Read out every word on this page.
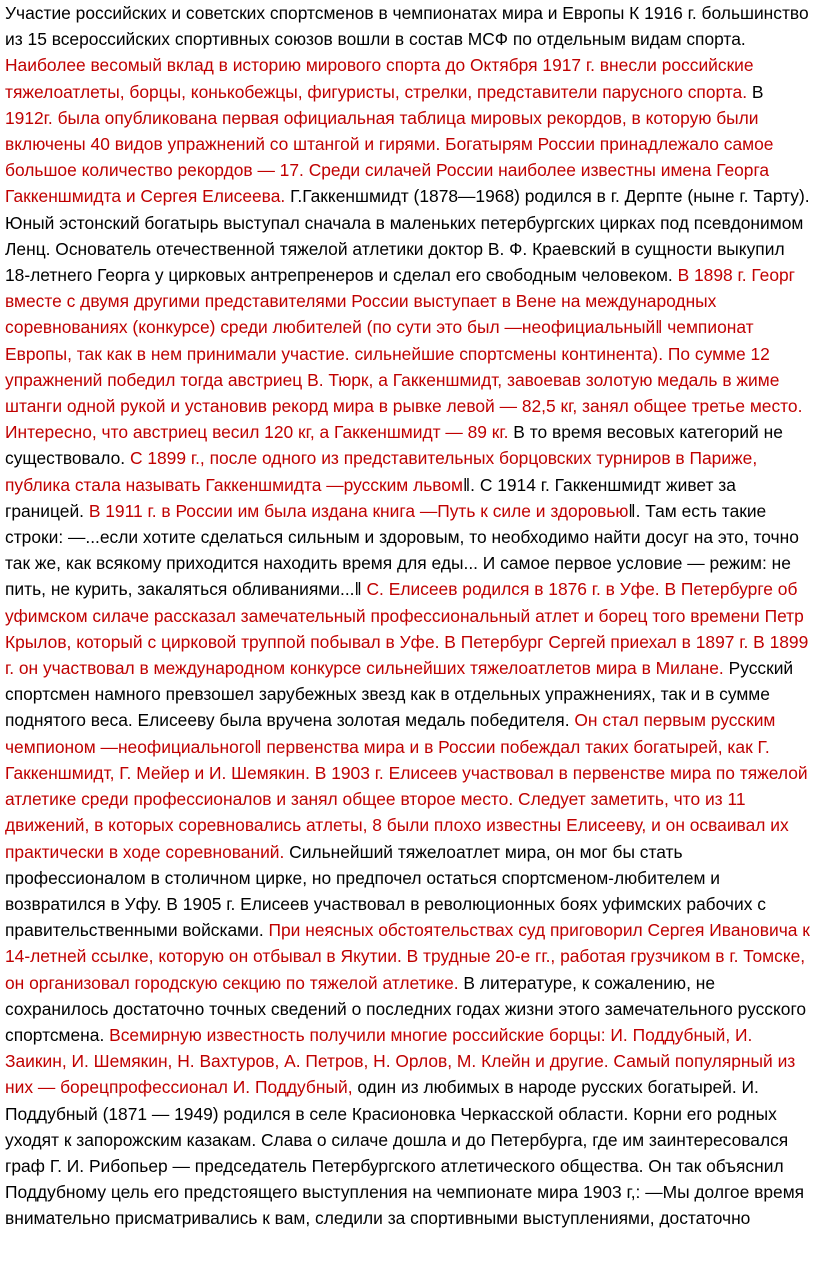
Участие российских и советских спортсменов в чемпионатах мира и Европы К 1916 г. большинство из 15 всероссийских спортивных союзов вошли в состав МСФ по отдельным видам спорта. Наиболее весомый вклад в историю мирового спорта до Октября 1917 г. внесли российские тяжелоатлеты, борцы, конькобежцы, фигуристы, стрелки, представители парусного спорта. В 1912г. была опубликована первая официальная таблица мировых рекордов, в которую были включены 40 видов упражнений со штангой и гирями. Богатырям России принадлежало самое большое количество рекордов — 17. Среди силачей России наиболее известны имена Георга Гаккеншмидта и Сергея Елисеева. Г.Гаккеншмидт (1878—1968) родился в г. Дерпте (ныне г. Тарту). Юный эстонский богатырь выступал сначала в маленьких петербургских цирках под псевдонимом Ленц. Основатель отечественной тяжелой атлетики доктор В. Ф. Краевский в сущности выкупил 18-летнего Георга у цирковых антрепренеров и сделал его свободным человеком. В 1898 г. Георг вместе с двумя другими представителями России выступает в Вене на международных соревнованиях (конкурсе) среди любителей (по сути это был —неофициальный‖ чемпионат Европы, так как в нем принимали участие. сильнейшие спортсмены континента). По сумме 12 упражнений победил тогда австриец В. Тюрк, а Гаккеншмидт, завоевав золотую медаль в жиме штанги одной рукой и установив рекорд мира в рывке левой — 82,5 кг, занял общее третье место. Интересно, что австриец весил 120 кг, а Гаккеншмидт — 89 кг. В то время весовых категорий не существовало. С 1899 г., после одного из представительных борцовских турниров в Париже, публика стала называть Гаккеншмидта —русским львом‖. С 1914 г. Гаккеншмидт живет за границей. В 1911 г. в России им была издана книга —Путь к силе и здоровью‖. Там есть такие строки: —...если хотите сделаться сильным и здоровым, то необходимо найти досуг на это, точно так же, как всякому приходится находить время для еды... И самое первое условие — режим: не пить, не курить, закаляться обливаниями...‖ С. Елисеев родился в 1876 г. в Уфе. В Петербурге об уфимском силаче рассказал замечательный профессиональный атлет и борец того времени Петр Крылов, который с цирковой труппой побывал в Уфе. В Петербург Сергей приехал в 1897 г. В 1899 г. он участвовал в международном конкурсе сильнейших тяжелоатлетов мира в Милане. Русский спортсмен намного превзошел зарубежных звезд как в отдельных упражнениях, так и в сумме поднятого веса. Елисееву была вручена золотая медаль победителя. Он стал первым русским чемпионом —неофициального‖ первенства мира и в России побеждал таких богатырей, как Г. Гаккеншмидт, Г. Мейер и И. Шемякин. В 1903 г. Елисеев участвовал в первенстве мира по тяжелой атлетике среди профессионалов и занял общее второе место. Следует заметить, что из 11 движений, в которых соревновались атлеты, 8 были плохо известны Елисееву, и он осваивал их практически в ходе соревнований. Сильнейший тяжелоатлет мира, он мог бы стать профессионалом в столичном цирке, но предпочел остаться спортсменом-любителем и возвратился в Уфу. В 1905 г. Елисеев участвовал в революционных боях уфимских рабочих с правительственными войсками. При неясных обстоятельствах суд приговорил Сергея Ивановича к 14-летней ссылке, которую он отбывал в Якутии. В трудные 20-е гг., работая грузчиком в г. Томске, он организовал городскую секцию по тяжелой атлетике. В литературе, к сожалению, не сохранилось достаточно точных сведений о последних годах жизни этого замечательного русского спортсмена. Всемирную известность получили многие российские борцы: И. Поддубный, И. Заикин, И. Шемякин, Н. Вахтуров, А. Петров, Н. Орлов, М. Клейн и другие. Самый популярный из них — борецпрофессионал И. Поддубный, один из любимых в народе русских богатырей. И. Поддубный (1871 — 1949) родился в селе Красионовка Черкасской области. Корни его родных уходят к запорожским казакам. Слава о силаче дошла и до Петербурга, где им заинтересовался граф Г. И. Рибопьер — председатель Петербургского атлетического общества. Он так объяснил Поддубному цель его предстоящего выступления на чемпионате мира 1903 г,: —Мы долгое время внимательно присматривались к вам, следили за спортивными выступлениями, достаточно
